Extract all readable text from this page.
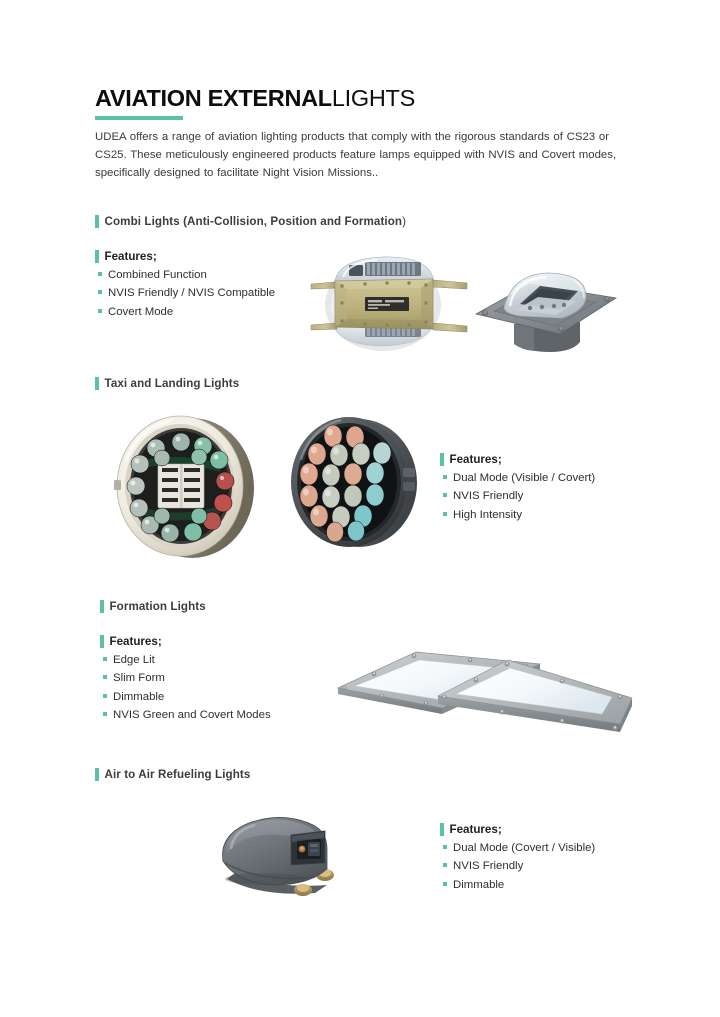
AVIATION EXTERNALLIGHTS
UDEA offers a range of aviation lighting products that comply with the rigorous standards of CS23 or CS25. These meticulously engineered products feature lamps equipped with NVIS and Covert modes, specifically designed to facilitate Night Vision Missions..
Combi Lights (Anti-Collision, Position and Formation )
Features;
Combined Function
NVIS Friendly / NVIS Compatible
Covert Mode
Taxi and Landing Lights
Features;
Dual Mode (Visible / Covert)
NVIS Friendly
High Intensity
Formation Lights
Features;
Edge Lit
Slim Form
Dimmable
NVIS Green and Covert Modes
Air to Air Refueling Lights
Features;
Dual Mode (Covert / Visible)
NVIS Friendly
Dimmable
